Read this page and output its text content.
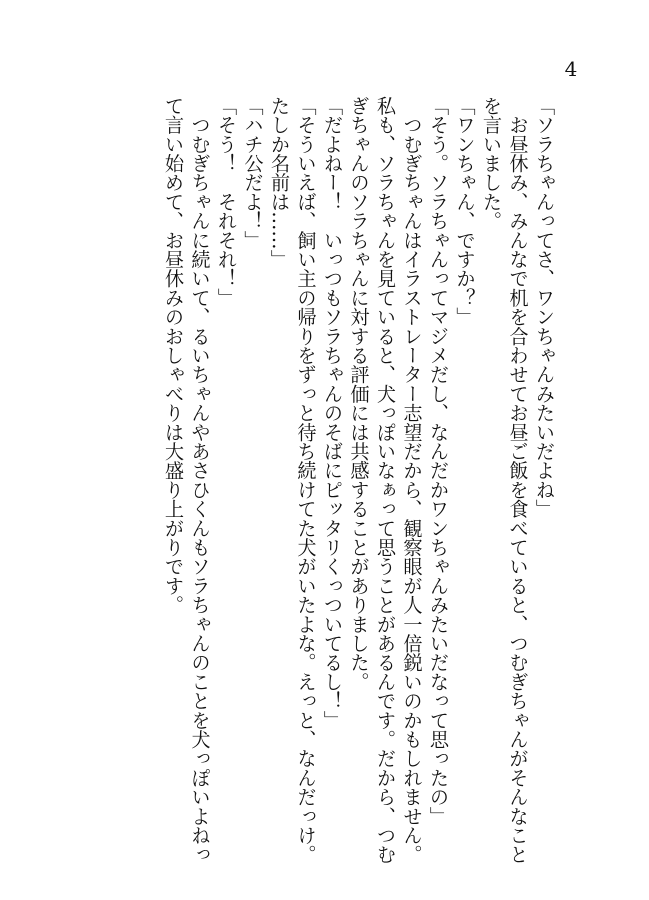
4
「ソラちゃんってさ、ワンちゃんみたいだよね」
　お昼休み、みんなで机を合わせてお昼ご飯を食べていると、つむぎちゃんがそんなこと
を言いました。
「ワンちゃん、ですか？」
「そう。ソラちゃんってマジメだし、なんだかワンちゃんみたいだなって思ったの」
　つむぎちゃんはイラストレーター志望だから、観察眼が人一倍鋭いのかもしれません。
私も、ソラちゃんを見ていると、犬っぽいなぁって思うことがあるんです。だから、つむ
ぎちゃんのソラちゃんに対する評価には共感することがありました。
「だよねー！　いっつもソラちゃんのそばにピッタリくっついてるし！」
「そういえば、飼い主の帰りをずっと待ち続けてた犬がいたよな。えっと、なんだっけ。
たしか名前は……」
「ハチ公だよ！」
「そう！　それそれ！」
　つむぎちゃんに続いて、るいちゃんやあさひくんもソラちゃんのことを犬っぽいよねっ
て言い始めて、お昼休みのおしゃべりは大盛り上がりです。
